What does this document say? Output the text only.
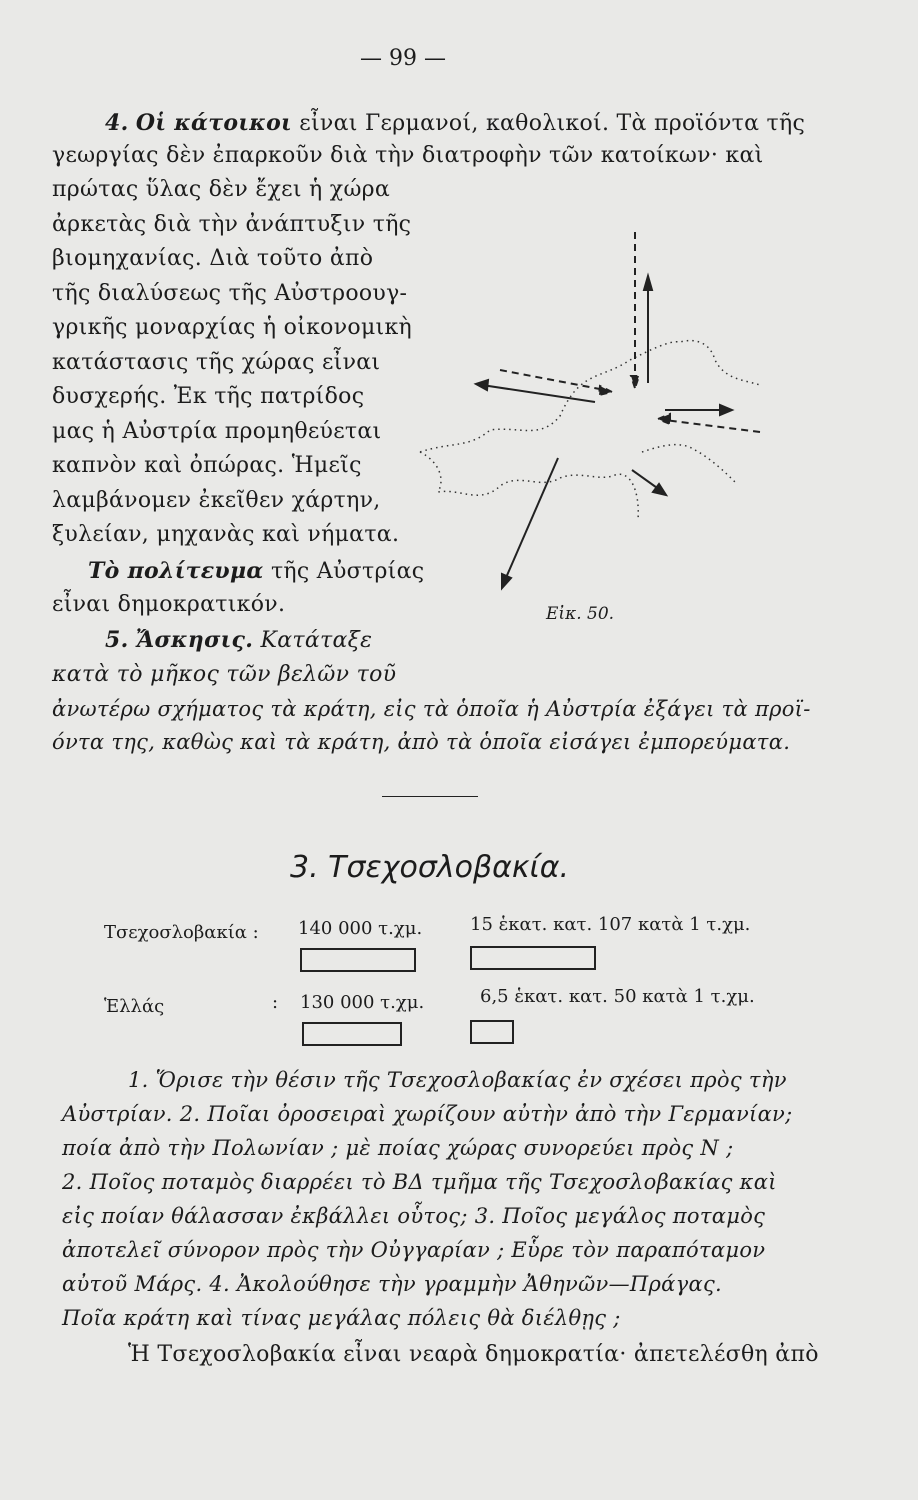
— 99 —
4. Οἱ κάτοικοι εἶναι Γερμανοί, καθολικοί. Τὰ προϊόντα τῆς
γεωργίας δὲν ἐπαρκοῦν διὰ τὴν διατροφὴν τῶν κατοίκων· καὶ
πρώτας ὕλας δὲν ἔχει ἡ χώρα
ἀρκετὰς διὰ τὴν ἀνάπτυξιν τῆς
βιομηχανίας. Διὰ τοῦτο ἀπὸ
τῆς διαλύσεως τῆς Αὐστροουγ-
γρικῆς μοναρχίας ἡ οἰκονομικὴ
κατάστασις τῆς χώρας εἶναι
δυσχερής. Ἐκ τῆς πατρίδος
μας ἡ Αὐστρία προμηθεύεται
καπνὸν καὶ ὀπώρας. Ἡμεῖς
λαμβάνομεν ἐκεῖθεν χάρτην,
ξυλείαν, μηχανὰς καὶ νήματα.
Τὸ πολίτευμα τῆς Αὐστρίας
εἶναι δημοκρατικόν.	Εἰκ. 50.
5. Ἄσκησις. Κατάταξε
κατὰ τὸ μῆκος τῶν βελῶν τοῦ
ἀνωτέρω σχήματος τὰ κράτη, εἰς τὰ ὁποῖα ἡ Αὐστρία ἐξάγει τὰ προϊ-
όντα της, καθὼς καὶ τὰ κράτη, ἀπὸ τὰ ὁποῖα εἰσάγει ἐμπορεύματα.
3. Τσεχοσλοβακία.
Τσεχοσλοβακία : 140 000 τ.χμ.	15 ἑκατ. κατ. 107 κατὰ 1 τ.χμ.
Ἑλλάς	: 130 000 τ.χμ.	6,5 ἑκατ. κατ. 50 κατὰ 1 τ.χμ.
1. Ὅρισε τὴν θέσιν τῆς Τσεχοσλοβακίας ἐν σχέσει πρὸς τὴν
Αὐστρίαν. 2. Ποῖαι ὀροσειραὶ χωρίζουν αὐτὴν ἀπὸ τὴν Γερμανίαν;
ποία ἀπὸ τὴν Πολωνίαν ; μὲ ποίας χώρας συνορεύει πρὸς Ν ;
2. Ποῖος ποταμὸς διαρρέει τὸ ΒΔ τμῆμα τῆς Τσεχοσλοβακίας καὶ
εἰς ποίαν θάλασσαν ἐκβάλλει οὗτος; 3. Ποῖος μεγάλος ποταμὸς
ἀποτελεῖ σύνορον πρὸς τὴν Οὐγγαρίαν ; Εὗρε τὸν παραπόταμον
αὐτοῦ Μάρς. 4. Ἀκολούθησε τὴν γραμμὴν Ἀθηνῶν—Πράγας.
Ποῖα κράτη καὶ τίνας μεγάλας πόλεις θὰ διέλθῃς ;
Ἡ Τσεχοσλοβακία εἶναι νεαρὰ δημοκρατία· ἀπετελέσθη ἀπὸ
